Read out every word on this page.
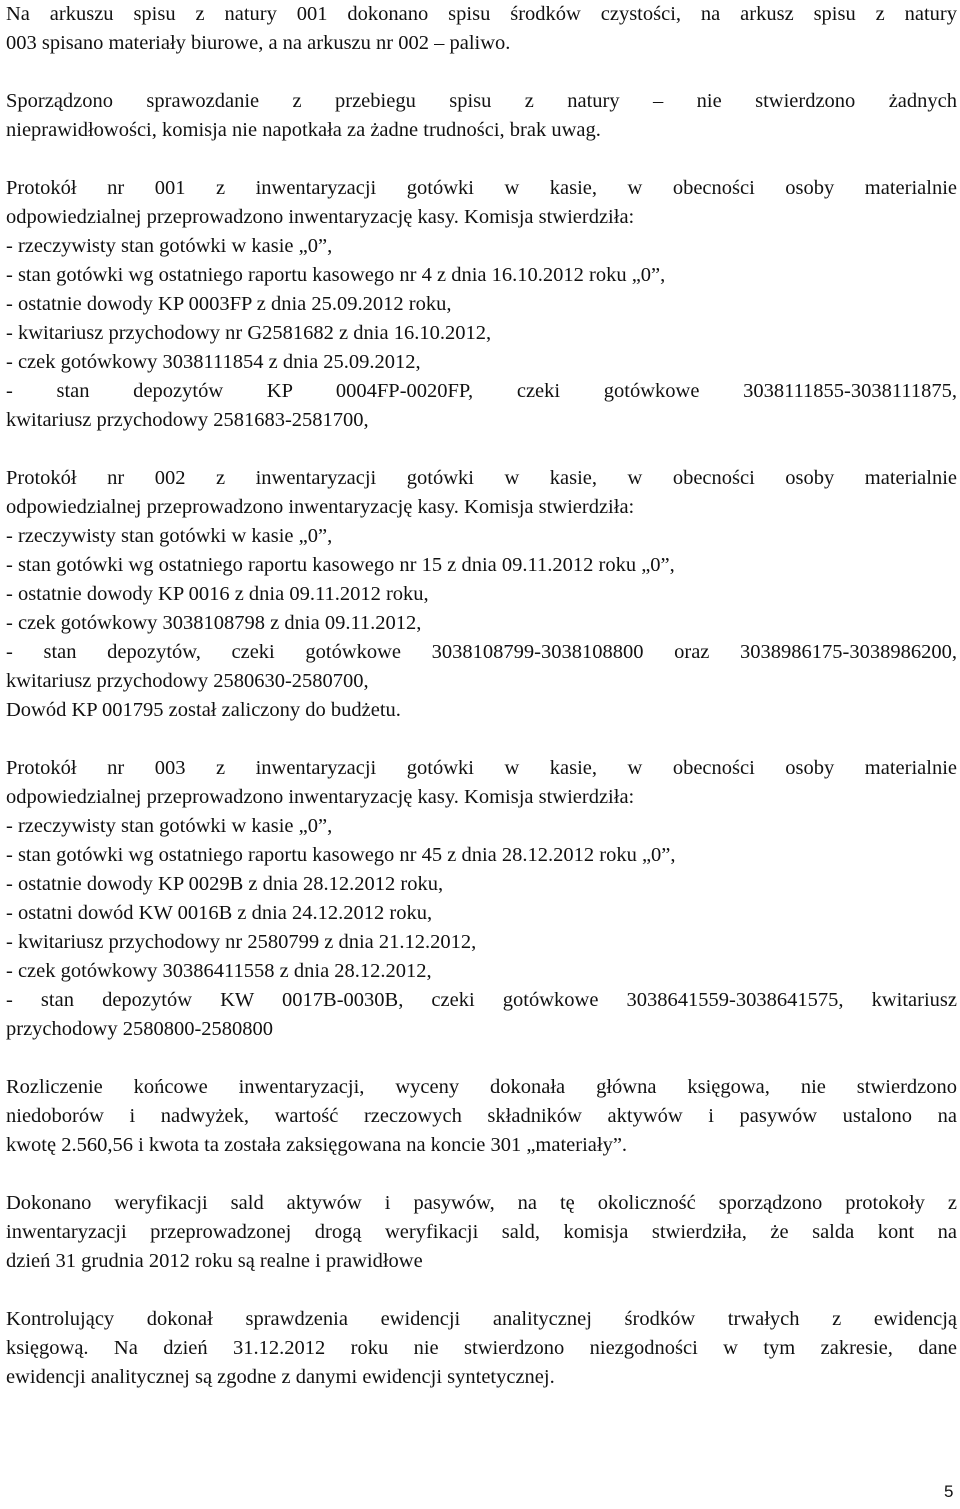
Na arkuszu spisu z natury 001 dokonano spisu środków czystości, na arkusz spisu z natury
003 spisano materiały biurowe, a na arkuszu nr 002 – paliwo.
Sporządzono sprawozdanie z przebiegu spisu z natury – nie stwierdzono żadnych
nieprawidłowości, komisja nie napotkała za żadne trudności, brak uwag.
Protokół nr 001 z inwentaryzacji gotówki w kasie, w obecności osoby materialnie
odpowiedzialnej przeprowadzono inwentaryzację kasy. Komisja stwierdziła:
- rzeczywisty stan gotówki w kasie „0”,
- stan gotówki wg ostatniego raportu kasowego nr 4 z dnia 16.10.2012 roku „0”,
- ostatnie dowody KP 0003FP z dnia 25.09.2012 roku,
- kwitariusz przychodowy nr G2581682 z dnia 16.10.2012,
- czek gotówkowy 3038111854 z dnia 25.09.2012,
- stan depozytów KP 0004FP-0020FP, czeki gotówkowe 3038111855-3038111875,
kwitariusz przychodowy 2581683-2581700,
Protokół nr 002 z inwentaryzacji gotówki w kasie, w obecności osoby materialnie
odpowiedzialnej przeprowadzono inwentaryzację kasy. Komisja stwierdziła:
- rzeczywisty stan gotówki w kasie „0”,
- stan gotówki wg ostatniego raportu kasowego nr 15 z dnia 09.11.2012 roku „0”,
- ostatnie dowody KP 0016 z dnia 09.11.2012 roku,
- czek gotówkowy 3038108798 z dnia 09.11.2012,
- stan depozytów, czeki gotówkowe 3038108799-3038108800 oraz 3038986175-3038986200,
kwitariusz przychodowy 2580630-2580700,
Dowód KP 001795 został zaliczony do budżetu.
Protokół nr 003 z inwentaryzacji gotówki w kasie, w obecności osoby materialnie
odpowiedzialnej przeprowadzono inwentaryzację kasy. Komisja stwierdziła:
- rzeczywisty stan gotówki w kasie „0”,
- stan gotówki wg ostatniego raportu kasowego nr 45 z dnia 28.12.2012 roku „0”,
- ostatnie dowody KP 0029B z dnia 28.12.2012 roku,
- ostatni dowód KW 0016B z dnia 24.12.2012 roku,
- kwitariusz przychodowy nr 2580799 z dnia 21.12.2012,
- czek gotówkowy 30386411558 z dnia 28.12.2012,
- stan depozytów KW 0017B-0030B, czeki gotówkowe 3038641559-3038641575, kwitariusz
przychodowy 2580800-2580800
Rozliczenie końcowe inwentaryzacji, wyceny dokonała główna księgowa, nie stwierdzono
niedoborów i nadwyżek, wartość rzeczowych składników aktywów i pasywów ustalono na
kwotę 2.560,56 i kwota ta została zaksięgowana na koncie 301 „materiały”.
Dokonano weryfikacji sald aktywów i pasywów, na tę okoliczność sporządzono protokoły z
inwentaryzacji przeprowadzonej drogą weryfikacji sald, komisja stwierdziła, że salda kont na
dzień 31 grudnia 2012 roku są realne i prawidłowe
Kontrolujący dokonał sprawdzenia ewidencji analitycznej środków trwałych z ewidencją
księgową. Na dzień 31.12.2012 roku nie stwierdzono niezgodności w tym zakresie, dane
ewidencji analitycznej są zgodne z danymi ewidencji syntetycznej.
5
